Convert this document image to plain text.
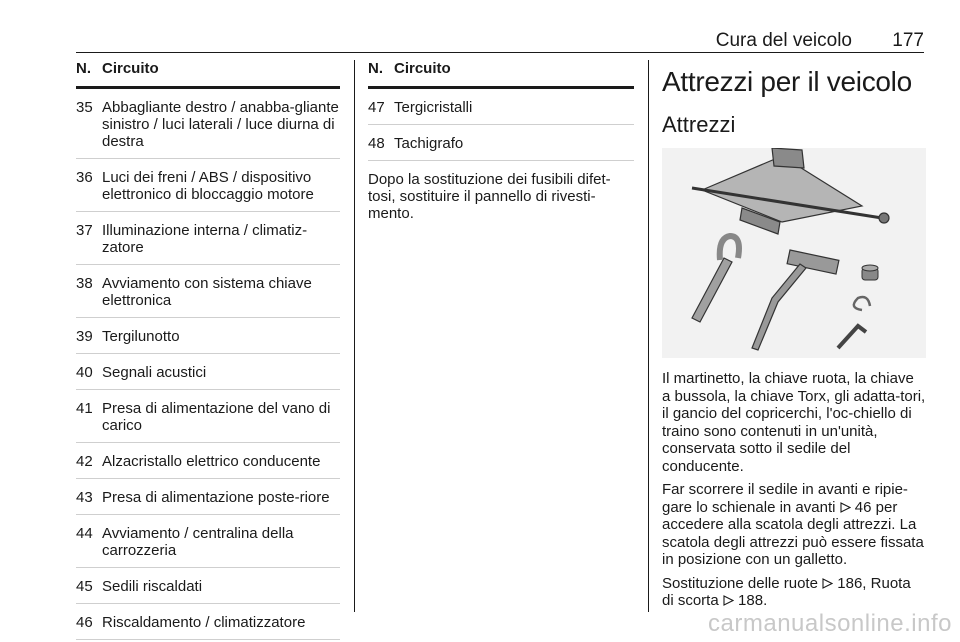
Cura del veicolo 177
N. Circuito
35 Abbagliante destro / anabba-gliante sinistro / luci laterali / luce diurna di destra
36 Luci dei freni / ABS / dispositivo elettronico di bloccaggio motore
37 Illuminazione interna / climatiz-zatore
38 Avviamento con sistema chiave elettronica
39 Tergilunotto
40 Segnali acustici
41 Presa di alimentazione del vano di carico
42 Alzacristallo elettrico conducente
43 Presa di alimentazione poste-riore
44 Avviamento / centralina della carrozzeria
45 Sedili riscaldati
46 Riscaldamento / climatizzatore
N. Circuito
47 Tergicristalli
48 Tachigrafo
Dopo la sostituzione dei fusibili difet-tosi, sostituire il pannello di rivesti-mento.
Attrezzi per il veicolo
Attrezzi

Il martinetto, la chiave ruota, la chiave a bussola, la chiave Torx, gli adatta-tori, il gancio del copricerchi, l'oc-chiello di traino sono contenuti in un'unità, conservata sotto il sedile del conducente.

Far scorrere il sedile in avanti e ripie-gare lo schienale in avanti 46 per accedere alla scatola degli attrezzi. La scatola degli attrezzi può essere fissata in posizione con un galletto.

Sostituzione delle ruote 186, Ruota di scorta 188.

carmanualsonline.info
